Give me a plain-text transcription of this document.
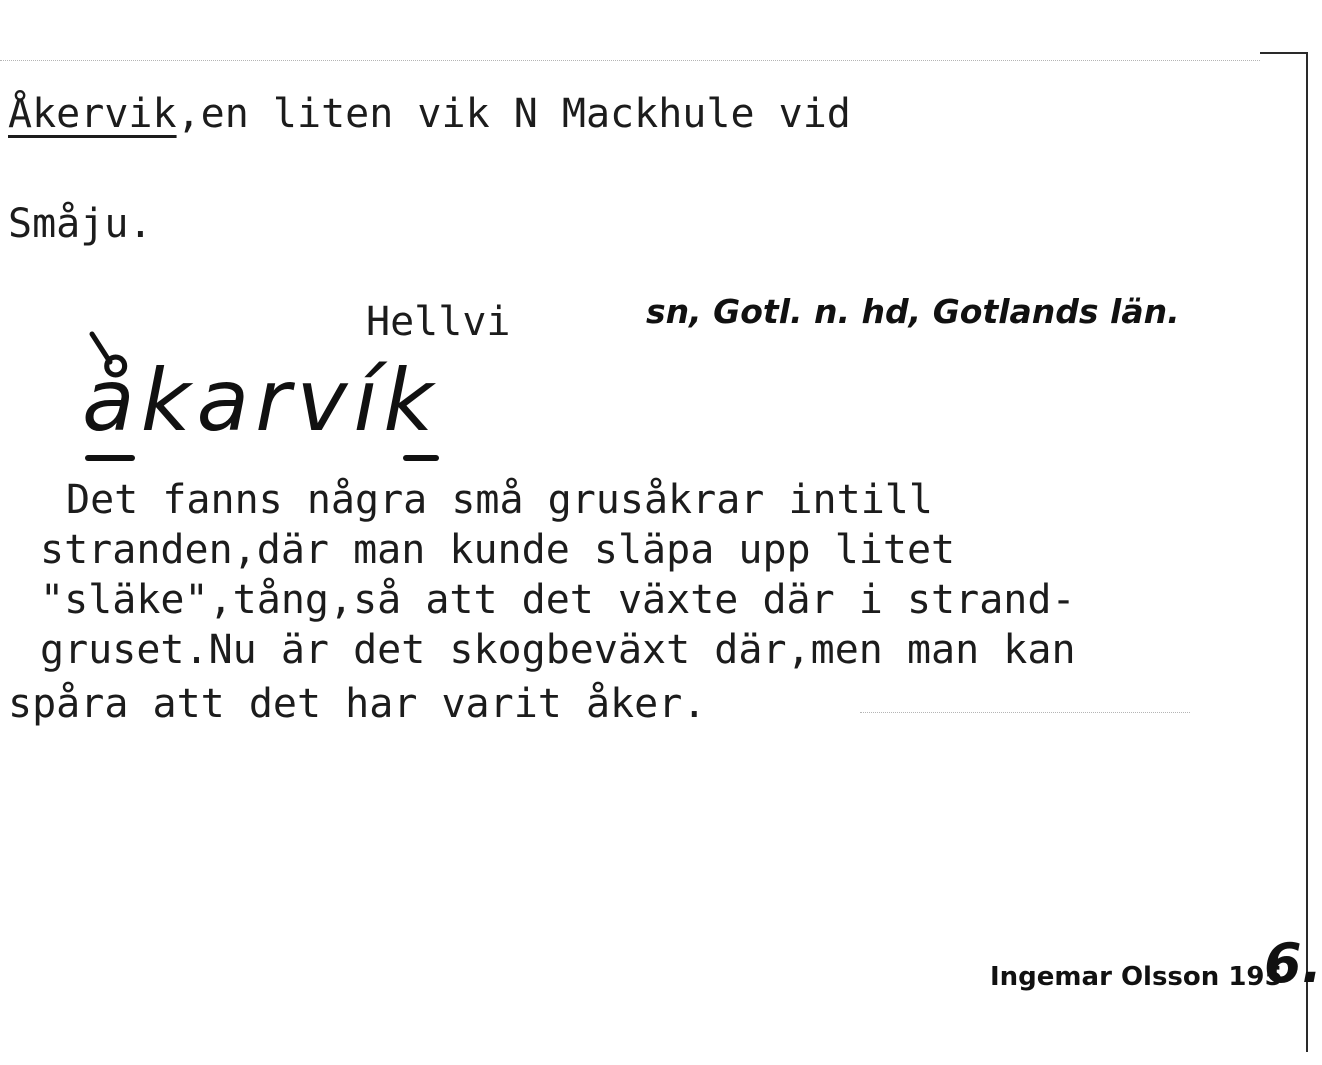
Åkervik,en liten vik N Mackhule vid
Småju.
Hellvi	sn, Gotl. n. hd, Gotlands län.
åkarvík
Det fanns några små grusåkrar intill
stranden,där man kunde släpa upp litet
"släke",tång,så att det växte där i strand-
gruset.Nu är det skogbeväxt där,men man kan
spåra att det har varit åker.
Ingemar Olsson 195
6.
